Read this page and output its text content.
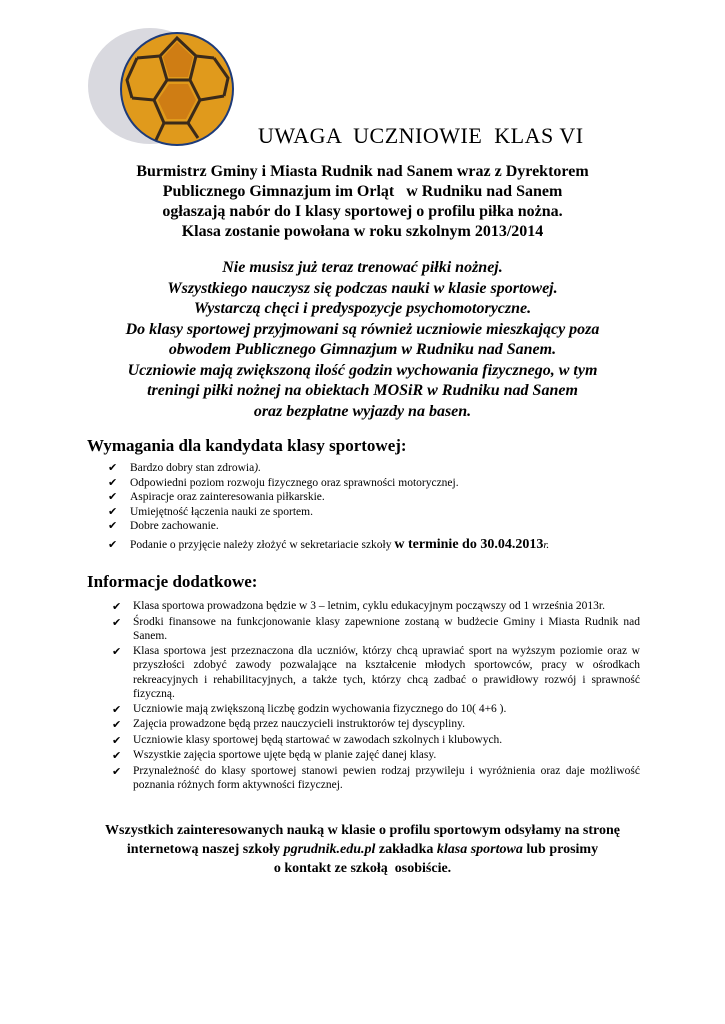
UWAGA  UCZNIOWIE  KLAS VI
Burmistrz Gminy i Miasta Rudnik nad Sanem wraz z Dyrektorem
Publicznego Gimnazjum im Orląt   w Rudniku nad Sanem
ogłaszają nabór do I klasy sportowej o profilu piłka nożna.
Klasa zostanie powołana w roku szkolnym 2013/2014
Nie musisz już teraz trenować piłki nożnej.
Wszystkiego nauczysz się podczas nauki w klasie sportowej.
Wystarczą chęci i predyspozycje psychomotoryczne.
Do klasy sportowej przyjmowani są również uczniowie mieszkający poza
obwodem Publicznego Gimnazjum w Rudniku nad Sanem.
Uczniowie mają zwiększoną ilość godzin wychowania fizycznego, w tym
treningi piłki nożnej na obiektach MOSiR w Rudniku nad Sanem
oraz bezpłatne wyjazdy na basen.
Wymagania dla kandydata klasy sportowej:
✔	Bardzo dobry stan zdrowia ).
✔	Odpowiedni poziom rozwoju fizycznego oraz sprawności motorycznej.
✔	Aspiracje oraz zainteresowania piłkarskie.
✔	Umiejętność łączenia nauki ze sportem.
✔	Dobre zachowanie.
✔	Podanie o przyjęcie należy złożyć w sekretariacie szkoły
w terminie do 30.04.2013 r.
Informacje dodatkowe:
✔	Klasa sportowa prowadzona będzie w 3 – letnim, cyklu edukacyjnym począwszy od 1 września 2013r.
✔	Środki finansowe na funkcjonowanie klasy zapewnione zostaną w budżecie Gminy i Miasta Rudnik nad Sanem.
✔	Klasa sportowa jest przeznaczona dla uczniów, którzy chcą uprawiać sport na wyższym poziomie oraz w przyszłości zdobyć zawody pozwalające na kształcenie młodych sportowców, pracy w ośrodkach rekreacyjnych i rehabilitacyjnych, a także tych, którzy chcą zadbać o prawidłowy rozwój i sprawność fizyczną.
✔	Uczniowie mają zwiększoną liczbę godzin wychowania fizycznego do 10( 4+6 ).
✔	Zajęcia prowadzone będą przez nauczycieli instruktorów tej dyscypliny.
✔	Uczniowie klasy sportowej będą startować w zawodach szkolnych i klubowych.
✔	Wszystkie zajęcia sportowe ujęte będą w planie zajęć danej klasy.
✔	Przynależność do klasy sportowej stanowi pewien rodzaj przywileju i wyróżnienia oraz daje możliwość poznania różnych form aktywności fizycznej.
Wszystkich zainteresowanych nauką w klasie o profilu sportowym odsyłamy na stronę
internetową naszej szkoły pgrudnik.edu.pl zakładka klasa sportowa lub prosimy
o kontakt ze szkołą  osobiście.
